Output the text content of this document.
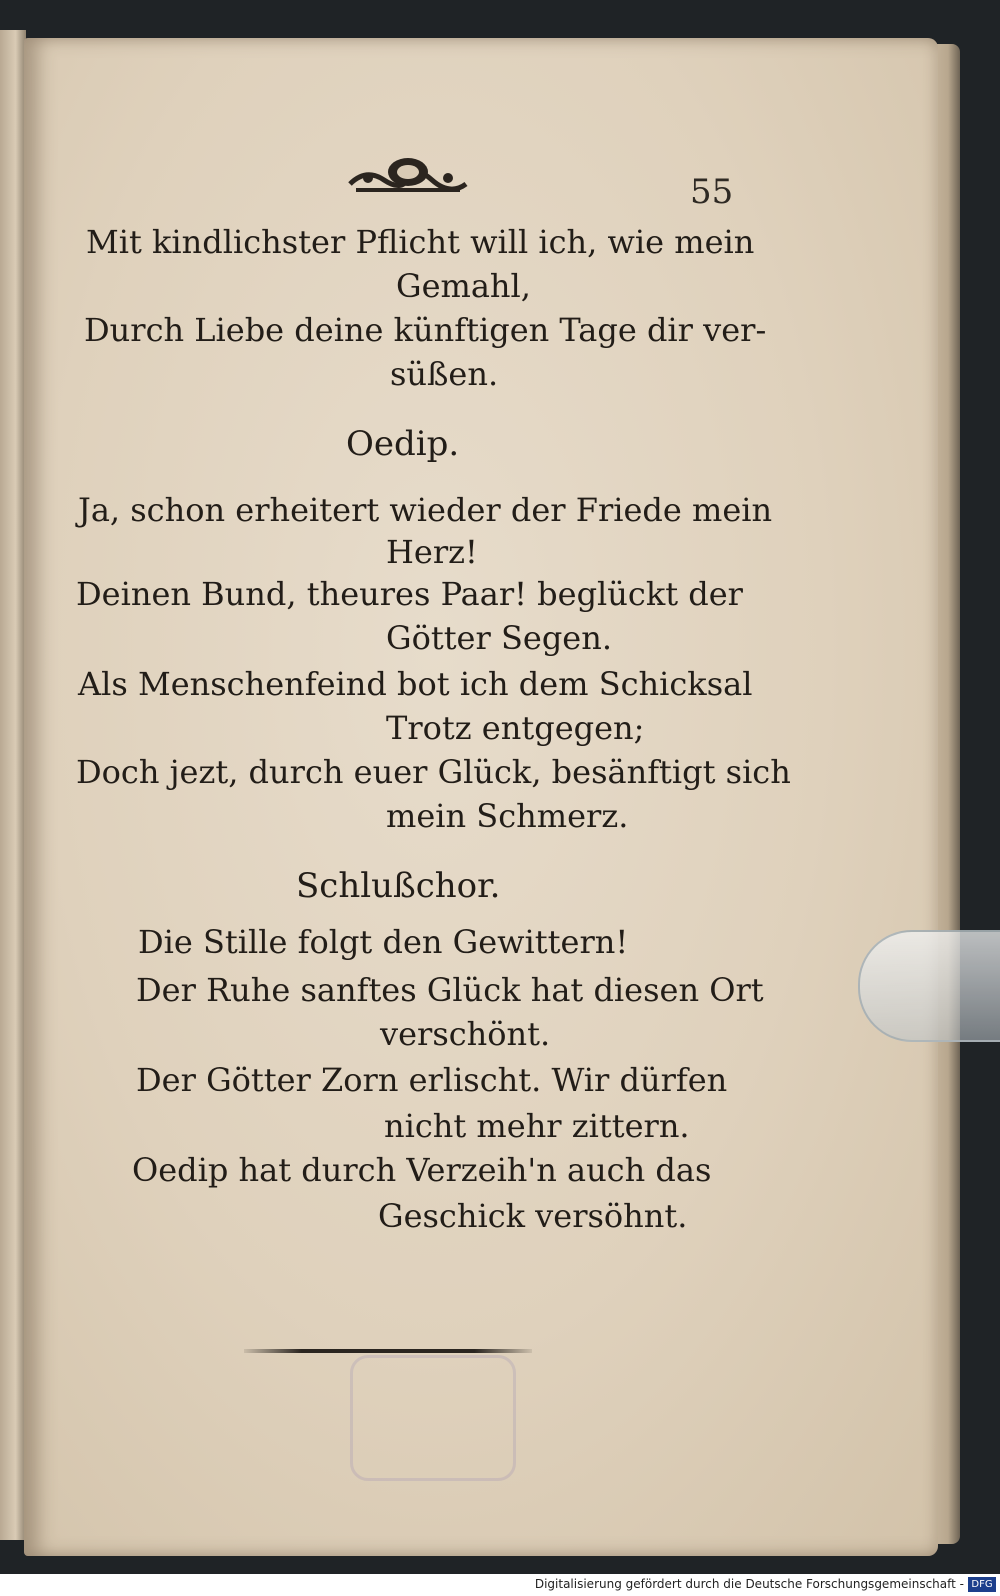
55
Mit kindlichster Pflicht will ich, wie mein
Gemahl,
Durch Liebe deine künftigen Tage dir ver-
süßen.
Oedip.
Ja, schon erheitert wieder der Friede mein
Herz!
Deinen Bund, theures Paar! beglückt der
Götter Segen.
Als Menschenfeind bot ich dem Schicksal
Trotz entgegen;
Doch jezt, durch euer Glück, besänftigt sich
mein Schmerz.
Schlußchor.
Die Stille folgt den Gewittern!
Der Ruhe sanftes Glück hat diesen Ort
verschönt.
Der Götter Zorn erlischt. Wir dürfen
nicht mehr zittern.
Oedip hat durch Verzeih'n auch das
Geschick versöhnt.
Digitalisierung gefördert durch die Deutsche Forschungsgemeinschaft - DFG
